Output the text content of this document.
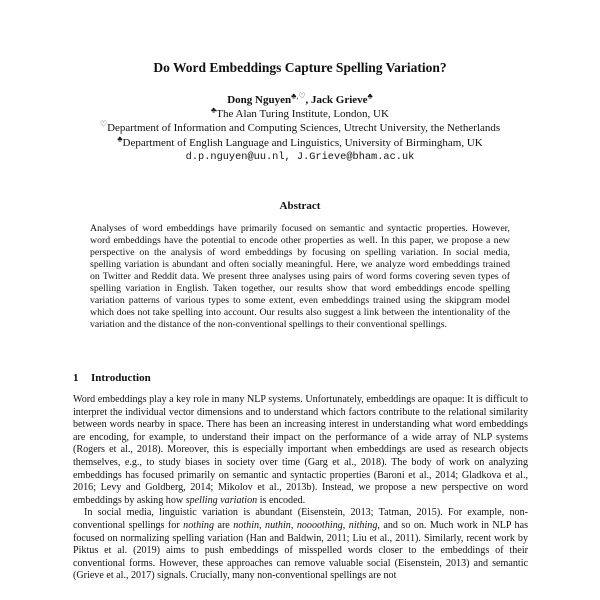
Do Word Embeddings Capture Spelling Variation?
Dong Nguyen♣,♡, Jack Grieve♣
♣The Alan Turing Institute, London, UK
♡Department of Information and Computing Sciences, Utrecht University, the Netherlands
♣Department of English Language and Linguistics, University of Birmingham, UK
d.p.nguyen@uu.nl, J.Grieve@bham.ac.uk
Abstract

Analyses of word embeddings have primarily focused on semantic and syntactic properties. However, word embeddings have the potential to encode other properties as well. In this paper, we propose a new perspective on the analysis of word embeddings by focusing on spelling variation. In social media, spelling variation is abundant and often socially meaningful. Here, we analyze word embeddings trained on Twitter and Reddit data. We present three analyses using pairs of word forms covering seven types of spelling variation in English. Taken together, our results show that word embeddings encode spelling variation patterns of various types to some extent, even embeddings trained using the skipgram model which does not take spelling into account. Our results also suggest a link between the intentionality of the variation and the distance of the non-conventional spellings to their conventional spellings.

1 Introduction

Word embeddings play a key role in many NLP systems. Unfortunately, embeddings are opaque: It is difficult to interpret the individual vector dimensions and to understand which factors contribute to the relational similarity between words nearby in space. There has been an increasing interest in understanding what word embeddings are encoding, for example, to understand their impact on the performance of a wide array of NLP systems (Rogers et al., 2018). Moreover, this is especially important when embeddings are used as research objects themselves, e.g., to study biases in society over time (Garg et al., 2018). The body of work on analyzing embeddings has focused primarily on semantic and syntactic properties (Baroni et al., 2014; Gladkova et al., 2016; Levy and Goldberg, 2014; Mikolov et al., 2013b). Instead, we propose a new perspective on word embeddings by asking how spelling variation is encoded.

In social media, linguistic variation is abundant (Eisenstein, 2013; Tatman, 2015). For example, non-conventional spellings for nothing are nothin, nuthin, noooothing, nithing, and so on. Much work in NLP has focused on normalizing spelling variation (Han and Baldwin, 2011; Liu et al., 2011). Similarly, recent work by Piktus et al. (2019) aims to push embeddings of misspelled words closer to the embeddings of their conventional forms. However, these approaches can remove valuable social (Eisenstein, 2013) and semantic (Grieve et al., 2017) signals. Crucially, many non-conventional spellings are not
